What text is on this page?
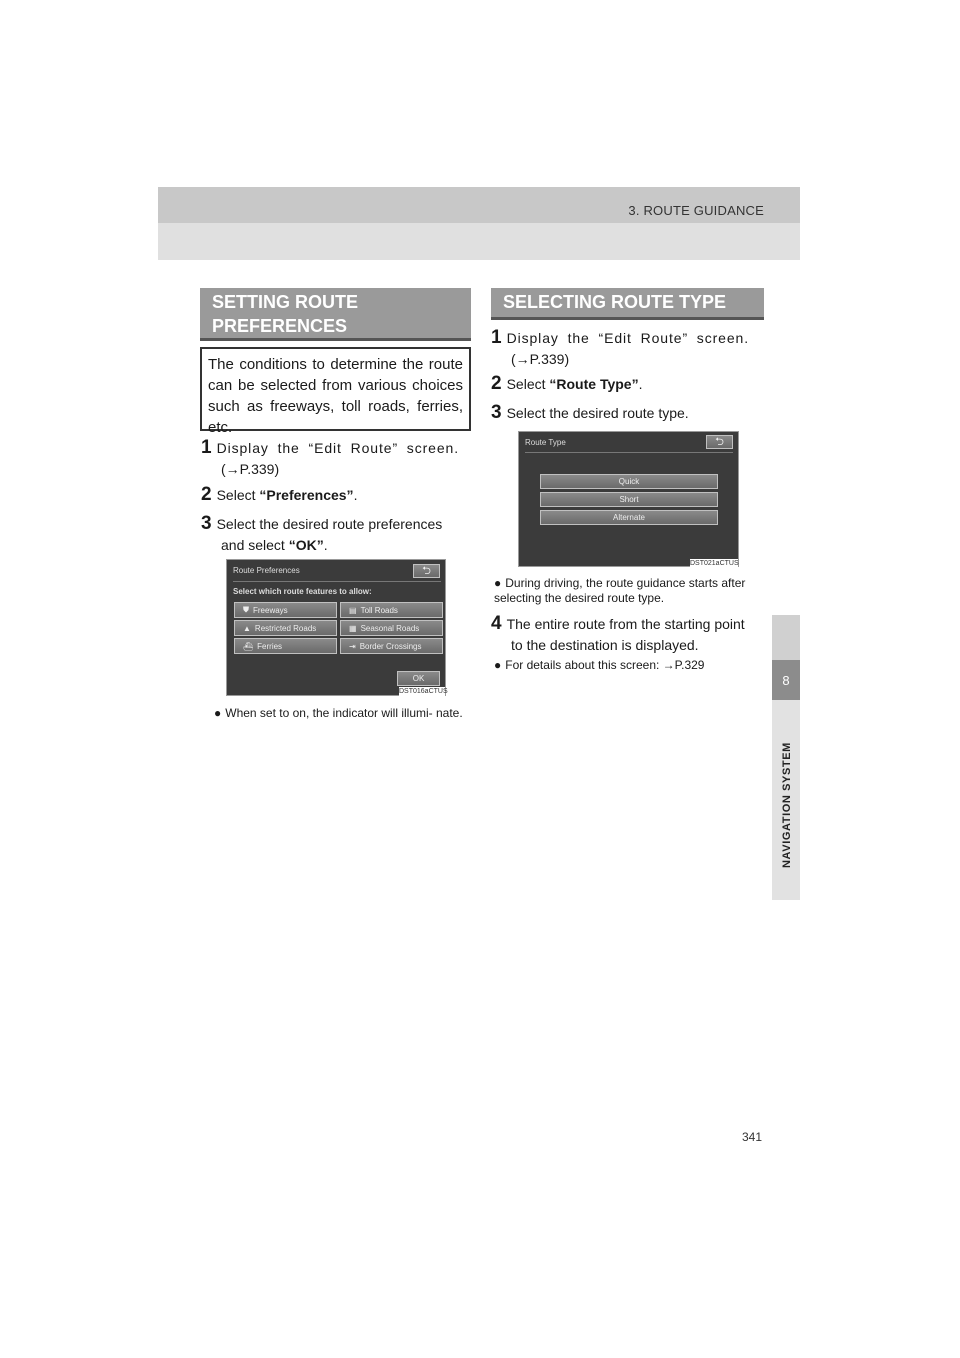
3. ROUTE GUIDANCE
8
NAVIGATION SYSTEM
SETTING ROUTE PREFERENCES
The conditions to determine the route can be selected from various choices such as freeways, toll roads, ferries, etc.
1 Display the “Edit Route” screen.
(→P.339)
2 Select “Preferences”.
3 Select the desired route preferences
and select “OK”.
Route Preferences	⮌
Select which route features to allow:
⛊ Freeways	▤ Toll Roads
▲ Restricted Roads	▦ Seasonal Roads
⛴ Ferries	⇥ Border Crossings
OK
DST016aCTUS
● When set to on, the indicator will illumi- nate.
SELECTING ROUTE TYPE
1 Display the “Edit Route” screen.
(→P.339)
2 Select “Route Type”.
3 Select the desired route type.
Route Type	⮌
Quick
Short
Alternate
DST021aCTUS
● During driving, the route guidance starts after selecting the desired route type.
4 The entire route from the starting point
to the destination is displayed.
● For details about this screen: →P.329
341
